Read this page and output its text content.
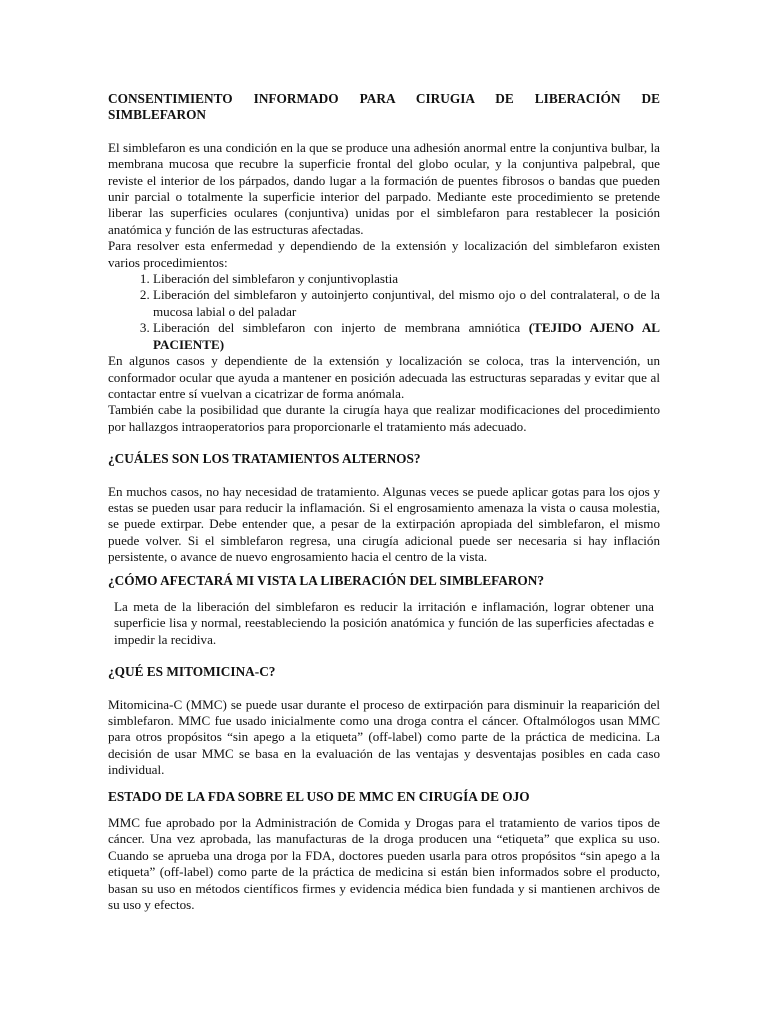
CONSENTIMIENTO INFORMADO PARA CIRUGIA DE LIBERACIÓN DE
SIMBLEFARON

El simblefaron es una condición en la que se produce una adhesión anormal entre la conjuntiva bulbar, la membrana mucosa que recubre la superficie frontal del globo ocular, y la conjuntiva palpebral, que reviste el interior de los párpados, dando lugar a la formación de puentes fibrosos o bandas que pueden unir parcial o totalmente la superficie interior del parpado. Mediante este procedimiento se pretende liberar las superficies oculares (conjuntiva) unidas por el simblefaron para restablecer la posición anatómica y función de las estructuras afectadas.

Para resolver esta enfermedad y dependiendo de la extensión y localización del simblefaron existen varios procedimientos:

1. Liberación del simblefaron y conjuntivoplastia
2. Liberación del simblefaron y autoinjerto conjuntival, del mismo ojo o del contralateral, o de la mucosa labial o del paladar
3. Liberación del simblefaron con injerto de membrana amniótica (TEJIDO AJENO AL PACIENTE)

En algunos casos y dependiente de la extensión y localización se coloca, tras la intervención, un conformador ocular que ayuda a mantener en posición adecuada las estructuras separadas y evitar que al contactar entre sí vuelvan a cicatrizar de forma anómala.

También cabe la posibilidad que durante la cirugía haya que realizar modificaciones del procedimiento por hallazgos intraoperatorios para proporcionarle el tratamiento más adecuado.

¿CUÁLES SON LOS TRATAMIENTOS ALTERNOS?

En muchos casos, no hay necesidad de tratamiento. Algunas veces se puede aplicar gotas para los ojos y estas se pueden usar para reducir la inflamación. Si el engrosamiento amenaza la vista o causa molestia, se puede extirpar. Debe entender que, a pesar de la extirpación apropiada del simblefaron, el mismo puede volver. Si el simblefaron regresa, una cirugía adicional puede ser necesaria si hay inflación persistente, o avance de nuevo engrosamiento hacia el centro de la vista.

¿CÓMO AFECTARÁ MI VISTA LA LIBERACIÓN DEL SIMBLEFARON?

La meta de la liberación del simblefaron es reducir la irritación e inflamación, lograr obtener una superficie lisa y normal, reestableciendo la posición anatómica y función de las superficies afectadas e impedir la recidiva.

¿QUÉ ES MITOMICINA-C?

Mitomicina-C (MMC) se puede usar durante el proceso de extirpación para disminuir la reaparición del simblefaron. MMC fue usado inicialmente como una droga contra el cáncer. Oftalmólogos usan MMC para otros propósitos “sin apego a la etiqueta” (off-label) como parte de la práctica de medicina. La decisión de usar MMC se basa en la evaluación de las ventajas y desventajas posibles en cada caso individual.

ESTADO DE LA FDA SOBRE EL USO DE MMC EN CIRUGÍA DE OJO

MMC fue aprobado por la Administración de Comida y Drogas para el tratamiento de varios tipos de cáncer. Una vez aprobada, las manufacturas de la droga producen una “etiqueta” que explica su uso. Cuando se aprueba una droga por la FDA, doctores pueden usarla para otros propósitos “sin apego a la etiqueta” (off-label) como parte de la práctica de medicina si están bien informados sobre el producto, basan su uso en métodos científicos firmes y evidencia médica bien fundada y si mantienen archivos de su uso y efectos.
